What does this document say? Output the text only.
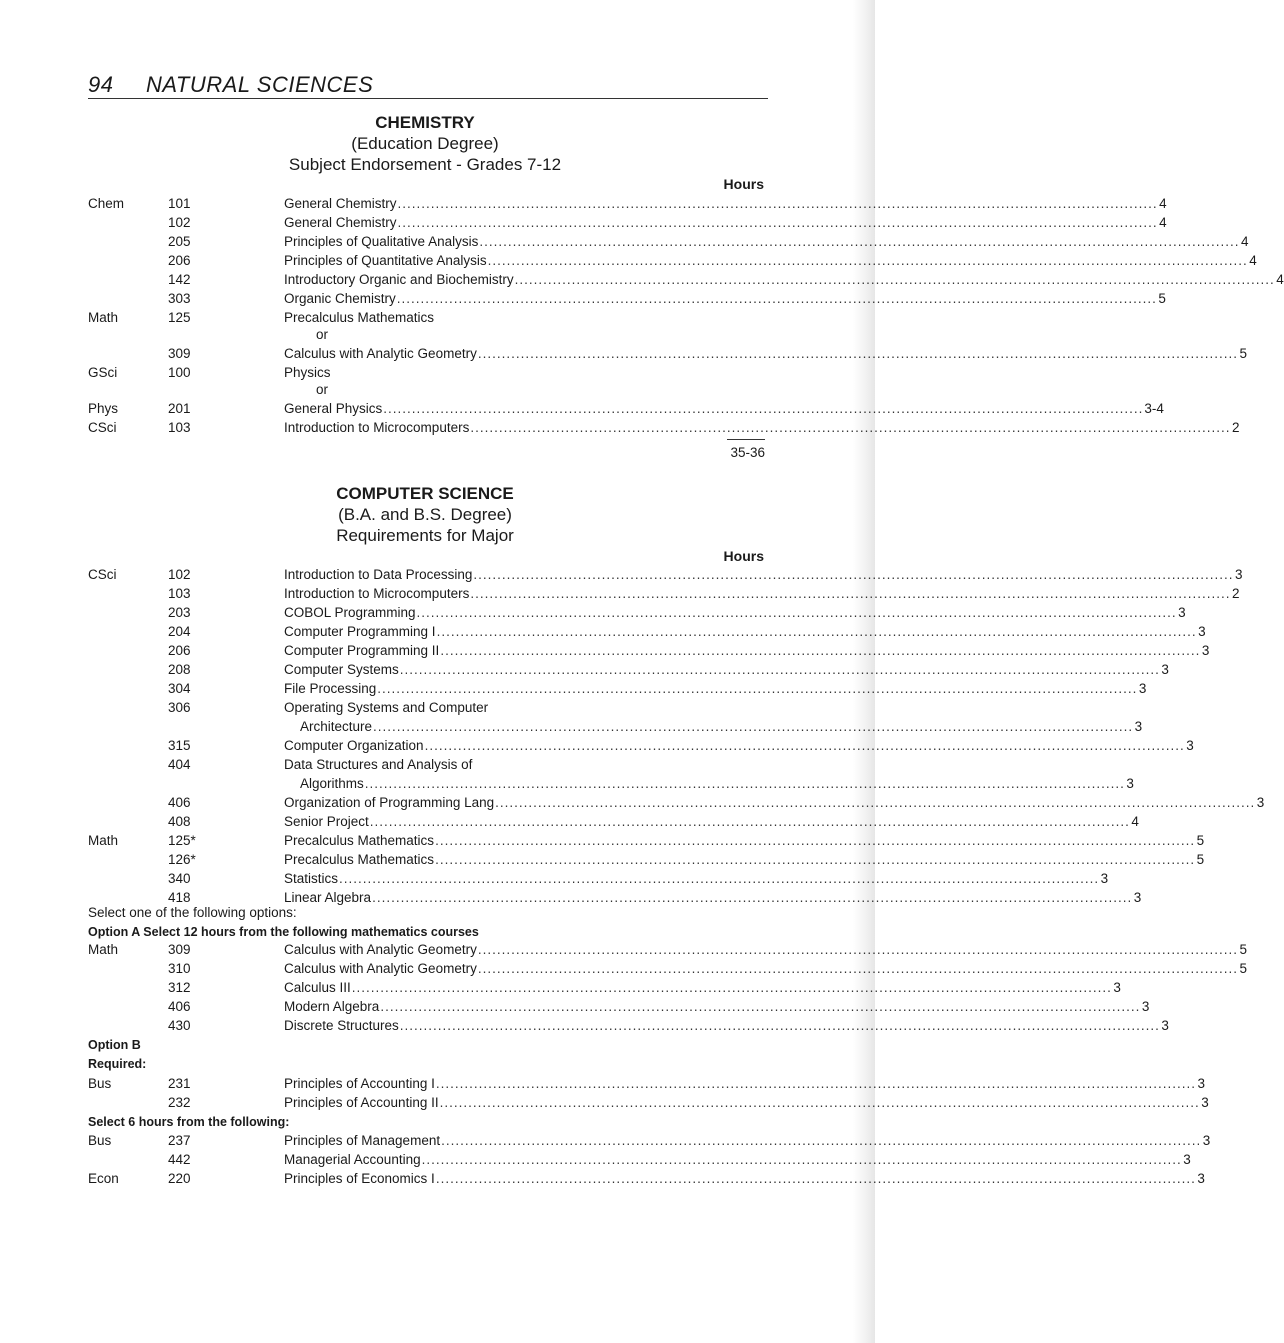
94 NATURAL SCIENCES
CHEMISTRY
(Education Degree)
Subject Endorsement - Grades 7-12
Hours
Chem	101	General Chemistry ................................................................................................................................................................ 4
102	General Chemistry ................................................................................................................................................................ 4
205	Principles of Qualitative Analysis ................................................................................................................................................................ 4
206	Principles of Quantitative Analysis ................................................................................................................................................................ 4
142	Introductory Organic and Biochemistry ................................................................................................................................................................ 4
303	Organic Chemistry ................................................................................................................................................................ 5
Math	125	Precalculus Mathematics
or
309	Calculus with Analytic Geometry ................................................................................................................................................................ 5
GSci	100	Physics
or
Phys	201	General Physics ................................................................................................................................................................ 3-4
CSci	103	Introduction to Microcomputers ................................................................................................................................................................ 2
35-36
COMPUTER SCIENCE
(B.A. and B.S. Degree)
Requirements for Major
Hours
CSci	102	Introduction to Data Processing ................................................................................................................................................................ 3
103	Introduction to Microcomputers ................................................................................................................................................................ 2
203	COBOL Programming ................................................................................................................................................................ 3
204	Computer Programming I ................................................................................................................................................................ 3
206	Computer Programming II ................................................................................................................................................................ 3
208	Computer Systems ................................................................................................................................................................ 3
304	File Processing ................................................................................................................................................................ 3
306	Operating Systems and Computer
Architecture ................................................................................................................................................................ 3
315	Computer Organization ................................................................................................................................................................ 3
404	Data Structures and Analysis of
Algorithms ................................................................................................................................................................ 3
406	Organization of Programming Lang ................................................................................................................................................................ 3
408	Senior Project ................................................................................................................................................................ 4
Math	125*	Precalculus Mathematics ................................................................................................................................................................ 5
126*	Precalculus Mathematics ................................................................................................................................................................ 5
340	Statistics ................................................................................................................................................................ 3
418	Linear Algebra ................................................................................................................................................................ 3
Select one of the following options:
Option A Select 12 hours from the following mathematics courses
Math	309	Calculus with Analytic Geometry ................................................................................................................................................................ 5
310	Calculus with Analytic Geometry ................................................................................................................................................................ 5
312	Calculus III ................................................................................................................................................................ 3
406	Modern Algebra ................................................................................................................................................................ 3
430	Discrete Structures ................................................................................................................................................................ 3
Option B
Required:
Bus	231	Principles of Accounting I ................................................................................................................................................................ 3
232	Principles of Accounting II ................................................................................................................................................................ 3
Select 6 hours from the following:
Bus	237	Principles of Management ................................................................................................................................................................ 3
442	Managerial Accounting ................................................................................................................................................................ 3
Econ	220	Principles of Economics I ................................................................................................................................................................ 3
